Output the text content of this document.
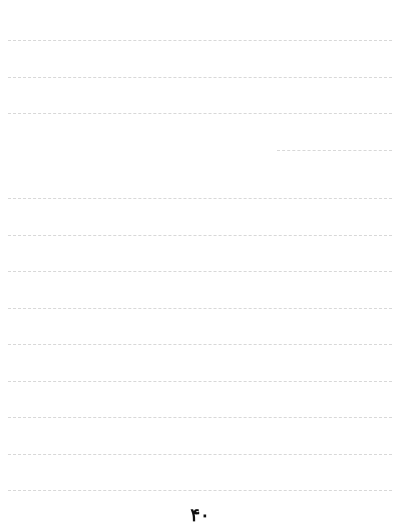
۴۰
